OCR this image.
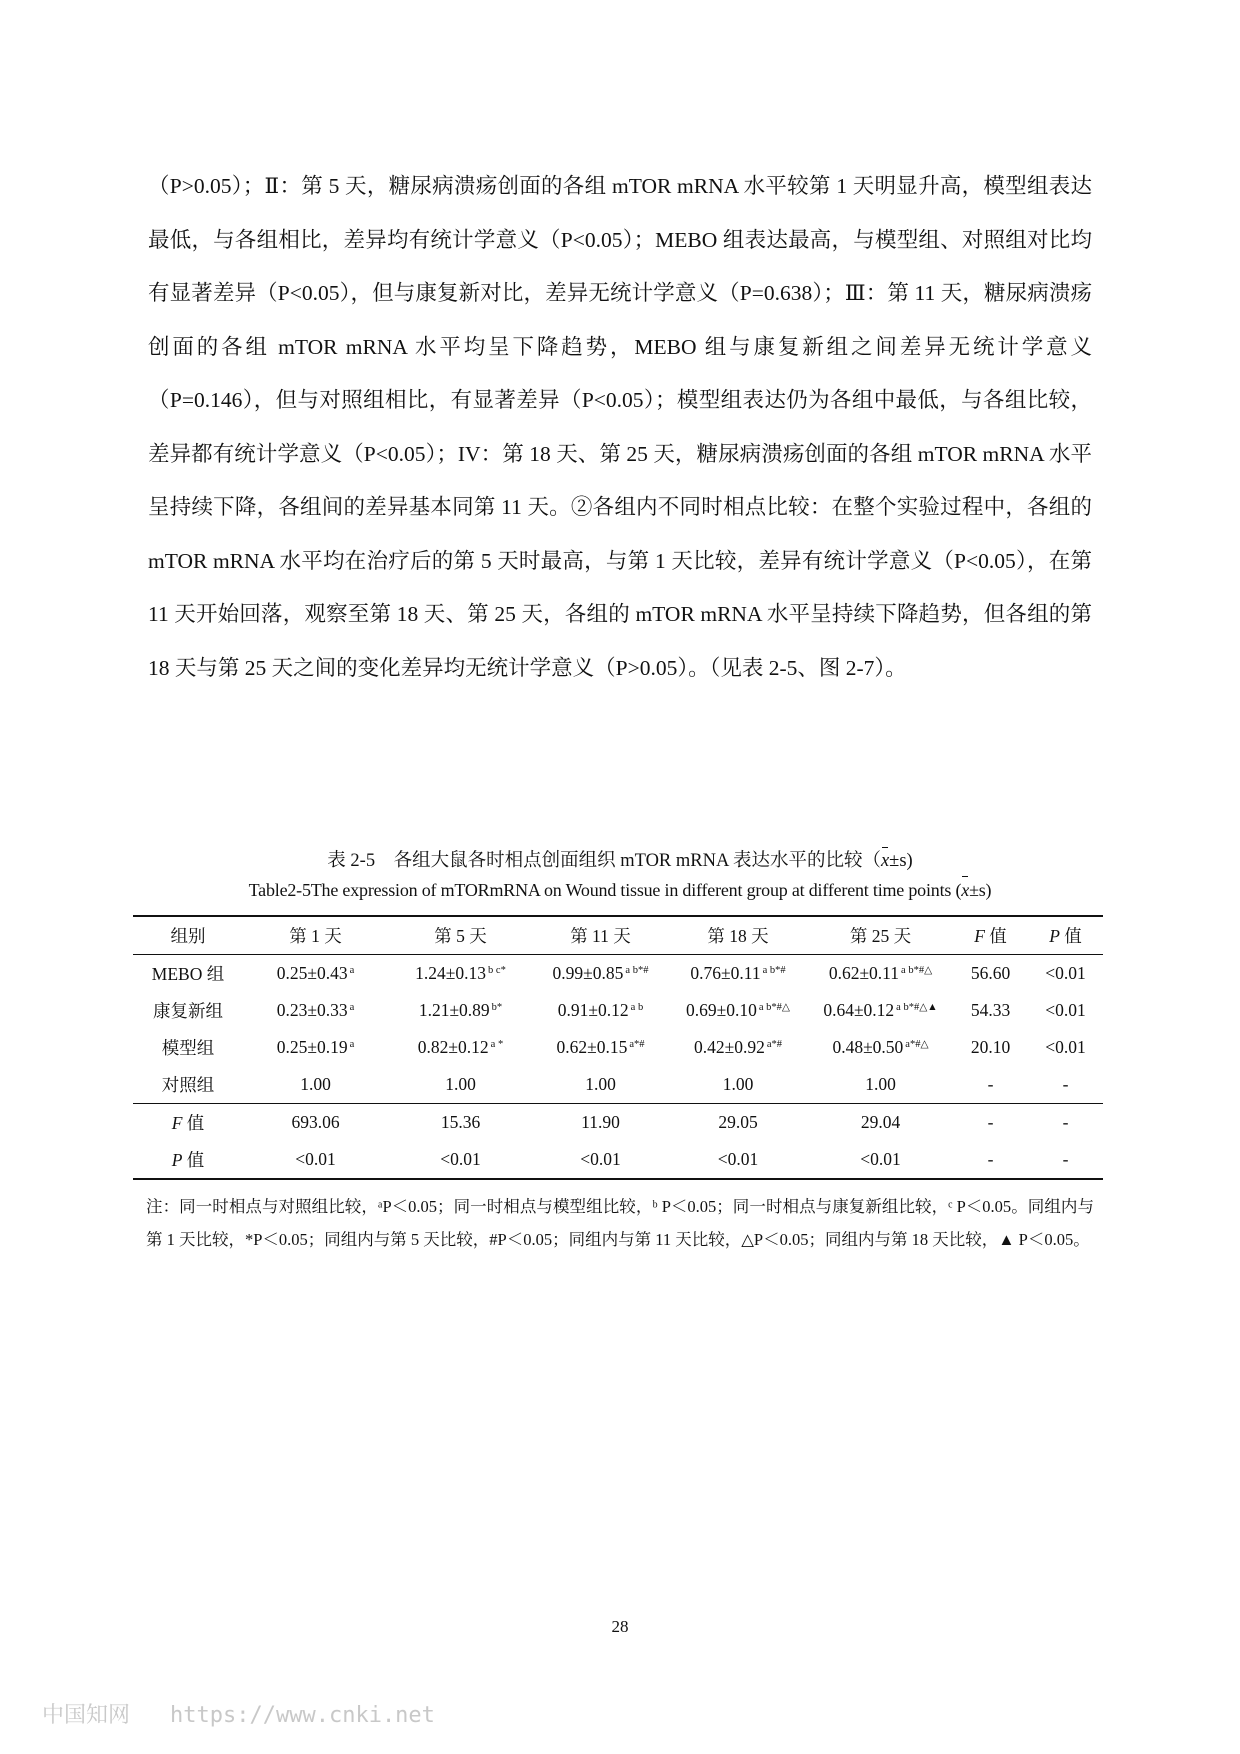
（P>0.05）；Ⅱ：第 5 天，糖尿病溃疡创面的各组 mTOR mRNA 水平较第 1 天明显升高，模型组表达最低，与各组相比，差异均有统计学意义（P<0.05）；MEBO 组表达最高，与模型组、对照组对比均有显著差异（P<0.05），但与康复新对比，差异无统计学意义（P=0.638）；Ⅲ：第 11 天，糖尿病溃疡创面的各组 mTOR mRNA 水平均呈下降趋势，MEBO 组与康复新组之间差异无统计学意义（P=0.146），但与对照组相比，有显著差异（P<0.05）；模型组表达仍为各组中最低，与各组比较，差异都有统计学意义（P<0.05）；IV：第 18 天、第 25 天，糖尿病溃疡创面的各组 mTOR mRNA 水平呈持续下降，各组间的差异基本同第 11 天。②各组内不同时相点比较：在整个实验过程中，各组的 mTOR mRNA 水平均在治疗后的第 5 天时最高，与第 1 天比较，差异有统计学意义（P<0.05），在第 11 天开始回落，观察至第 18 天、第 25 天，各组的 mTOR mRNA 水平呈持续下降趋势，但各组的第 18 天与第 25 天之间的变化差异均无统计学意义（P>0.05）。（见表 2-5、图 2-7）。

表 2-5　各组大鼠各时相点创面组织 mTOR mRNA 表达水平的比较（x±s)
Table2-5The expression of mTORmRNA on Wound tissue in different group at different time points (x±s)
组别	第 1 天	第 5 天	第 11 天	第 18 天	第 25 天	F 值	P 值
MEBO 组	0.25±0.43 $^a$	1.24±0.13 $^{b c*}$	0.99±0.85 $^{a b*\#}$	0.76±0.11 $^{a b*\#}$	0.62±0.11 $^{a b*\#\triangle}$	56.60	<0.01
康复新组	0.23±0.33 $^a$	1.21±0.89 $^{b*}$	0.91±0.12 $^{a b}$	0.69±0.10 $^{a b*\#\triangle}$	0.64±0.12 $^{a b*\#\triangle▲}$	54.33	<0.01
模型组	0.25±0.19 $^a$	0.82±0.12 $^{a *}$	0.62±0.15 $^{a*\#}$	0.42±0.92 $^{a*\#}$	0.48±0.50 $^{a*\#\triangle}$	20.10	<0.01
对照组	1.00	1.00	1.00	1.00	1.00	-	-
F 值	693.06	15.36	11.90	29.05	29.04	-	-
P 值	<0.01	<0.01	<0.01	<0.01	<0.01	-	-

注：同一时相点与对照组比较，ᵃP＜0.05；同一时相点与模型组比较，ᵇ P＜0.05；同一时相点与康复新组比较，ᶜ P＜0.05。同组内与第 1 天比较，*P＜0.05；同组内与第 5 天比较，#P＜0.05；同组内与第 11 天比较，△P＜0.05；同组内与第 18 天比较，▲ P＜0.05。

28
中国知网 https://www.cnki.net
